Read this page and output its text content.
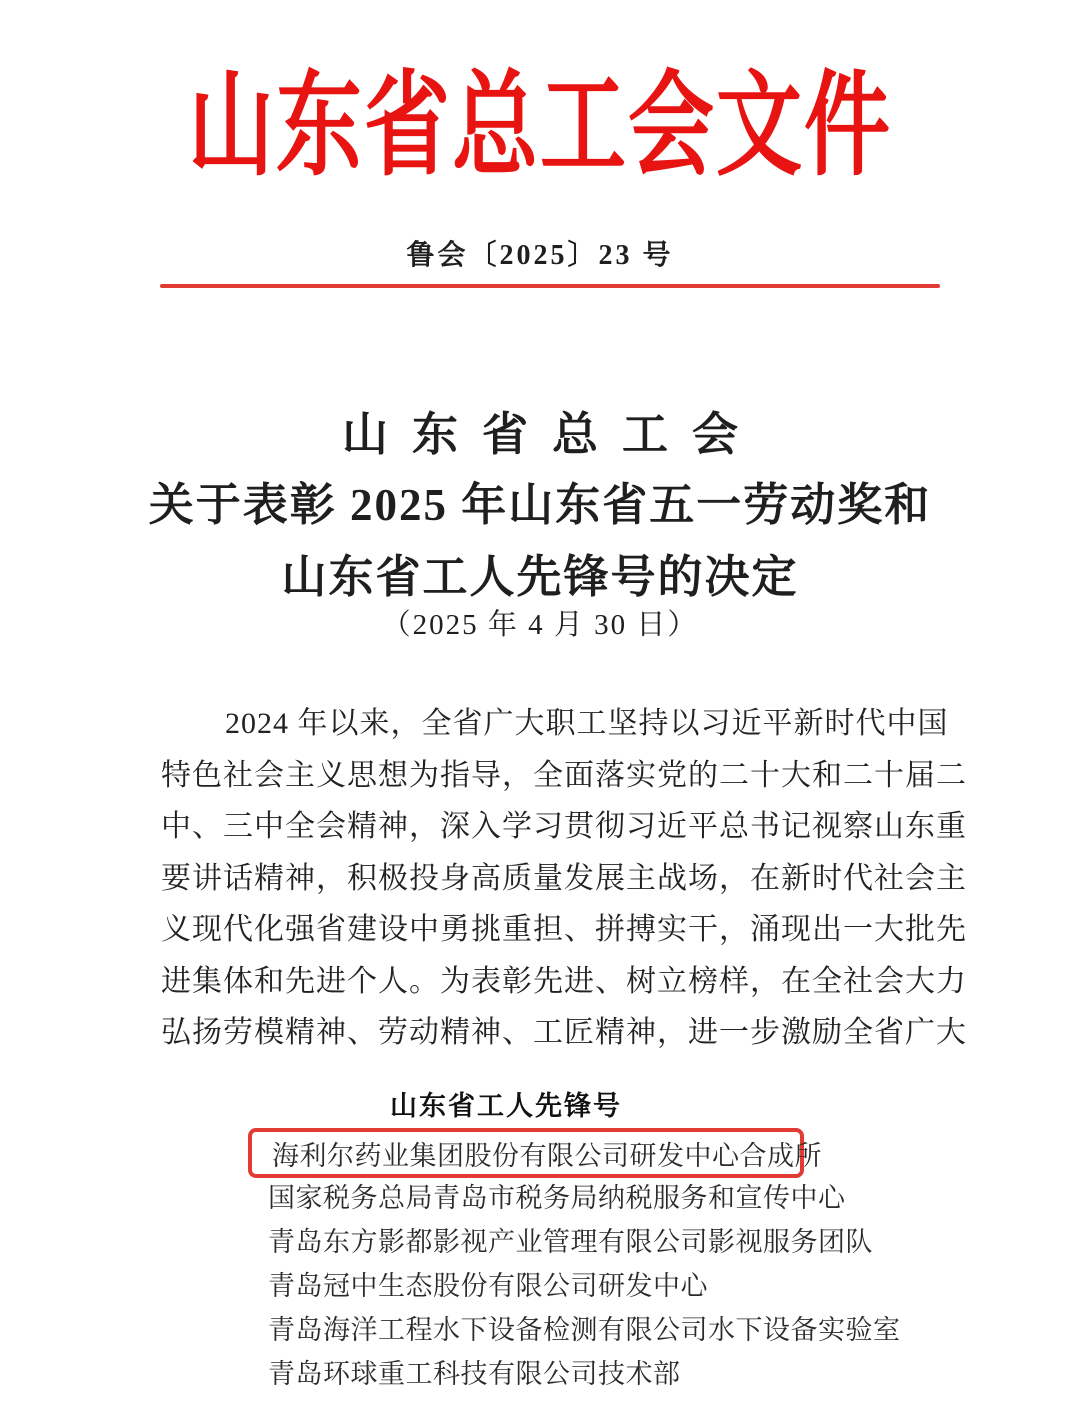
山东省总工会文件
鲁会〔2025〕23 号
山东省总工会
关于表彰 2025 年山东省五一劳动奖和
山东省工人先锋号的决定
（2025 年 4 月 30 日）
2024 年以来，全省广大职工坚持以习近平新时代中国
特色社会主义思想为指导，全面落实党的二十大和二十届二
中、三中全会精神，深入学习贯彻习近平总书记视察山东重
要讲话精神，积极投身高质量发展主战场，在新时代社会主
义现代化强省建设中勇挑重担、拼搏实干，涌现出一大批先
进集体和先进个人。为表彰先进、树立榜样，在全社会大力
弘扬劳模精神、劳动精神、工匠精神，进一步激励全省广大
山东省工人先锋号
海利尔药业集团股份有限公司研发中心合成所
国家税务总局青岛市税务局纳税服务和宣传中心
青岛东方影都影视产业管理有限公司影视服务团队
青岛冠中生态股份有限公司研发中心
青岛海洋工程水下设备检测有限公司水下设备实验室
青岛环球重工科技有限公司技术部
